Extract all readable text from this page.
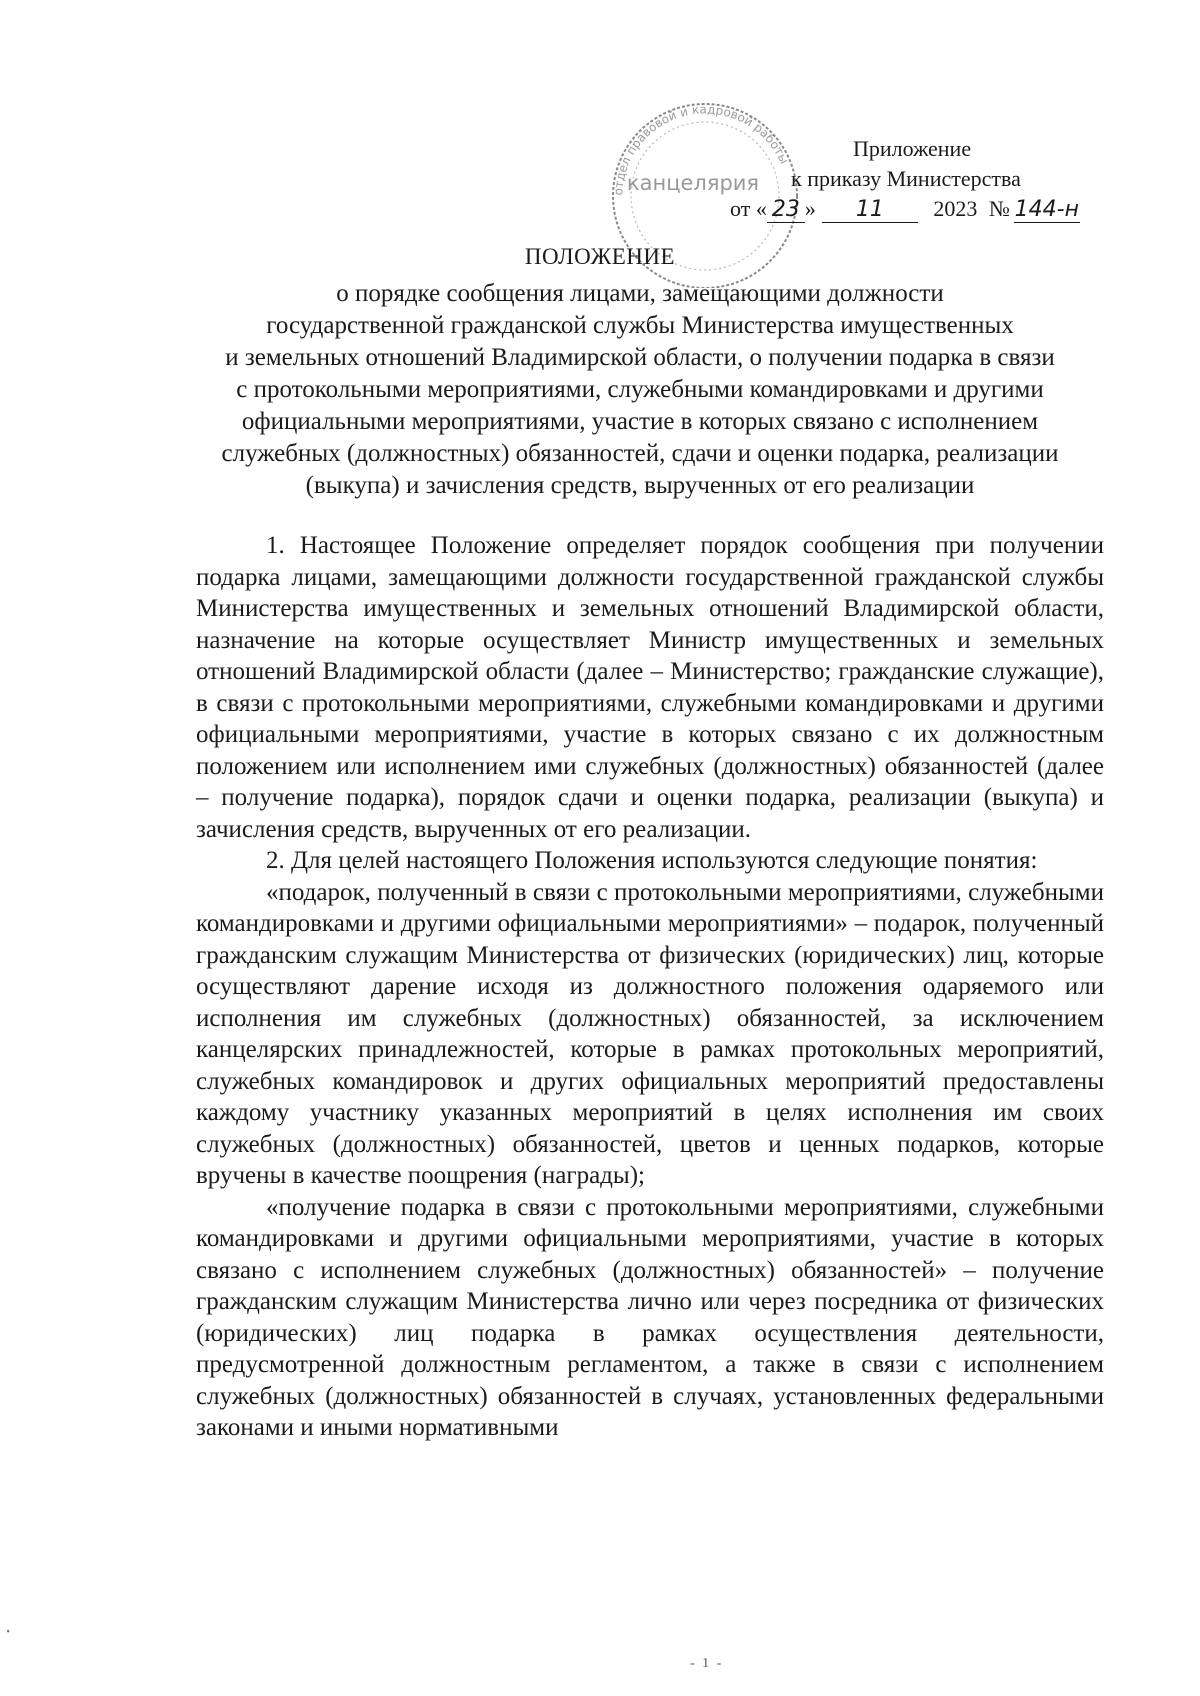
отдел правовой и кадровой работы
канцелярия
Приложение
к приказу Министерства
от « 23 » 11 2023 № 144-н
ПОЛОЖЕНИЕ
о порядке сообщения лицами, замещающими должности
государственной гражданской службы Министерства имущественных
и земельных отношений Владимирской области, о получении подарка в связи
с протокольными мероприятиями, служебными командировками и другими
официальными мероприятиями, участие в которых связано с исполнением
служебных (должностных) обязанностей, сдачи и оценки подарка, реализации
(выкупа) и зачисления средств, вырученных от его реализации

1. Настоящее Положение определяет порядок сообщения при получении подарка лицами, замещающими должности государственной гражданской службы Министерства имущественных и земельных отношений Владимирской области, назначение на которые осуществляет Министр имущественных и земельных отношений Владимирской области (далее – Министерство; гражданские служащие), в связи с протокольными мероприятиями, служебными командировками и другими официальными мероприятиями, участие в которых связано с их должностным положением или исполнением ими служебных (должностных) обязанностей (далее – получение подарка), порядок сдачи и оценки подарка, реализации (выкупа) и зачисления средств, вырученных от его реализации.

2. Для целей настоящего Положения используются следующие понятия:

«подарок, полученный в связи с протокольными мероприятиями, служебными командировками и другими официальными мероприятиями» – подарок, полученный гражданским служащим Министерства от физических (юридических) лиц, которые осуществляют дарение исходя из должностного положения одаряемого или исполнения им служебных (должностных) обязанностей, за исключением канцелярских принадлежностей, которые в рамках протокольных мероприятий, служебных командировок и других официальных мероприятий предоставлены каждому участнику указанных мероприятий в целях исполнения им своих служебных (должностных) обязанностей, цветов и ценных подарков, которые вручены в качестве поощрения (награды);

«получение подарка в связи с протокольными мероприятиями, служебными командировками и другими официальными мероприятиями, участие в которых связано с исполнением служебных (должностных) обязанностей» – получение гражданским служащим Министерства лично или через посредника от физических (юридических) лиц подарка в рамках осуществления деятельности, предусмотренной должностным регламентом, а также в связи с исполнением служебных (должностных) обязанностей в случаях, установленных федеральными законами и иными нормативными

- 1 -
ꞏ
